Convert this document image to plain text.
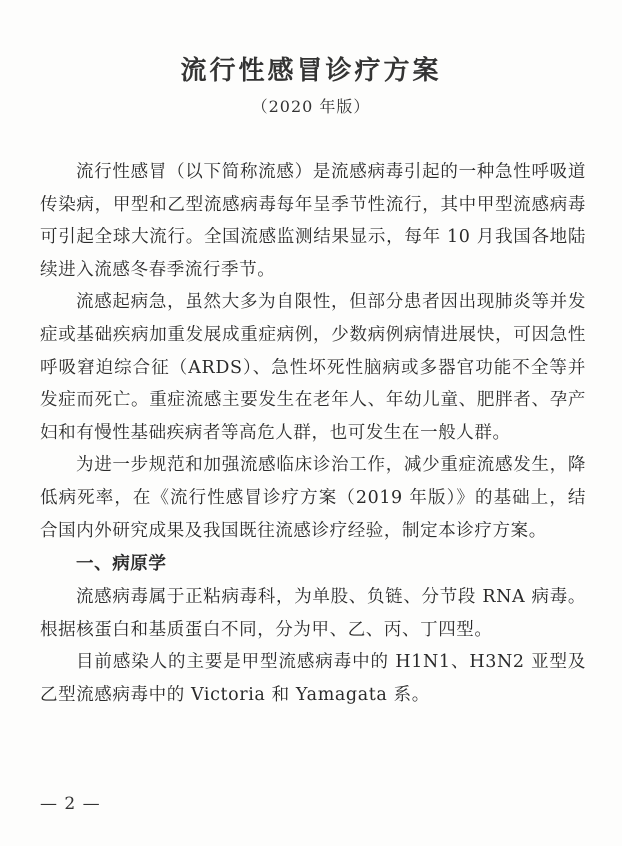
流行性感冒诊疗方案
（2020 年版）

流行性感冒（以下简称流感）是流感病毒引起的一种急性呼吸道传染病，甲型和乙型流感病毒每年呈季节性流行，其中甲型流感病毒可引起全球大流行。全国流感监测结果显示，每年 10 月我国各地陆续进入流感冬春季流行季节。

流感起病急，虽然大多为自限性，但部分患者因出现肺炎等并发症或基础疾病加重发展成重症病例，少数病例病情进展快，可因急性呼吸窘迫综合征（ARDS）、急性坏死性脑病或多器官功能不全等并发症而死亡。重症流感主要发生在老年人、年幼儿童、肥胖者、孕产妇和有慢性基础疾病者等高危人群，也可发生在一般人群。

为进一步规范和加强流感临床诊治工作，减少重症流感发生，降低病死率，在《流行性感冒诊疗方案（2019 年版）》的基础上，结合国内外研究成果及我国既往流感诊疗经验，制定本诊疗方案。

一、病原学

流感病毒属于正粘病毒科，为单股、负链、分节段 RNA 病毒。根据核蛋白和基质蛋白不同，分为甲、乙、丙、丁四型。

目前感染人的主要是甲型流感病毒中的 H1N1、H3N2 亚型及乙型流感病毒中的 Victoria 和 Yamagata 系。

— 2 —
